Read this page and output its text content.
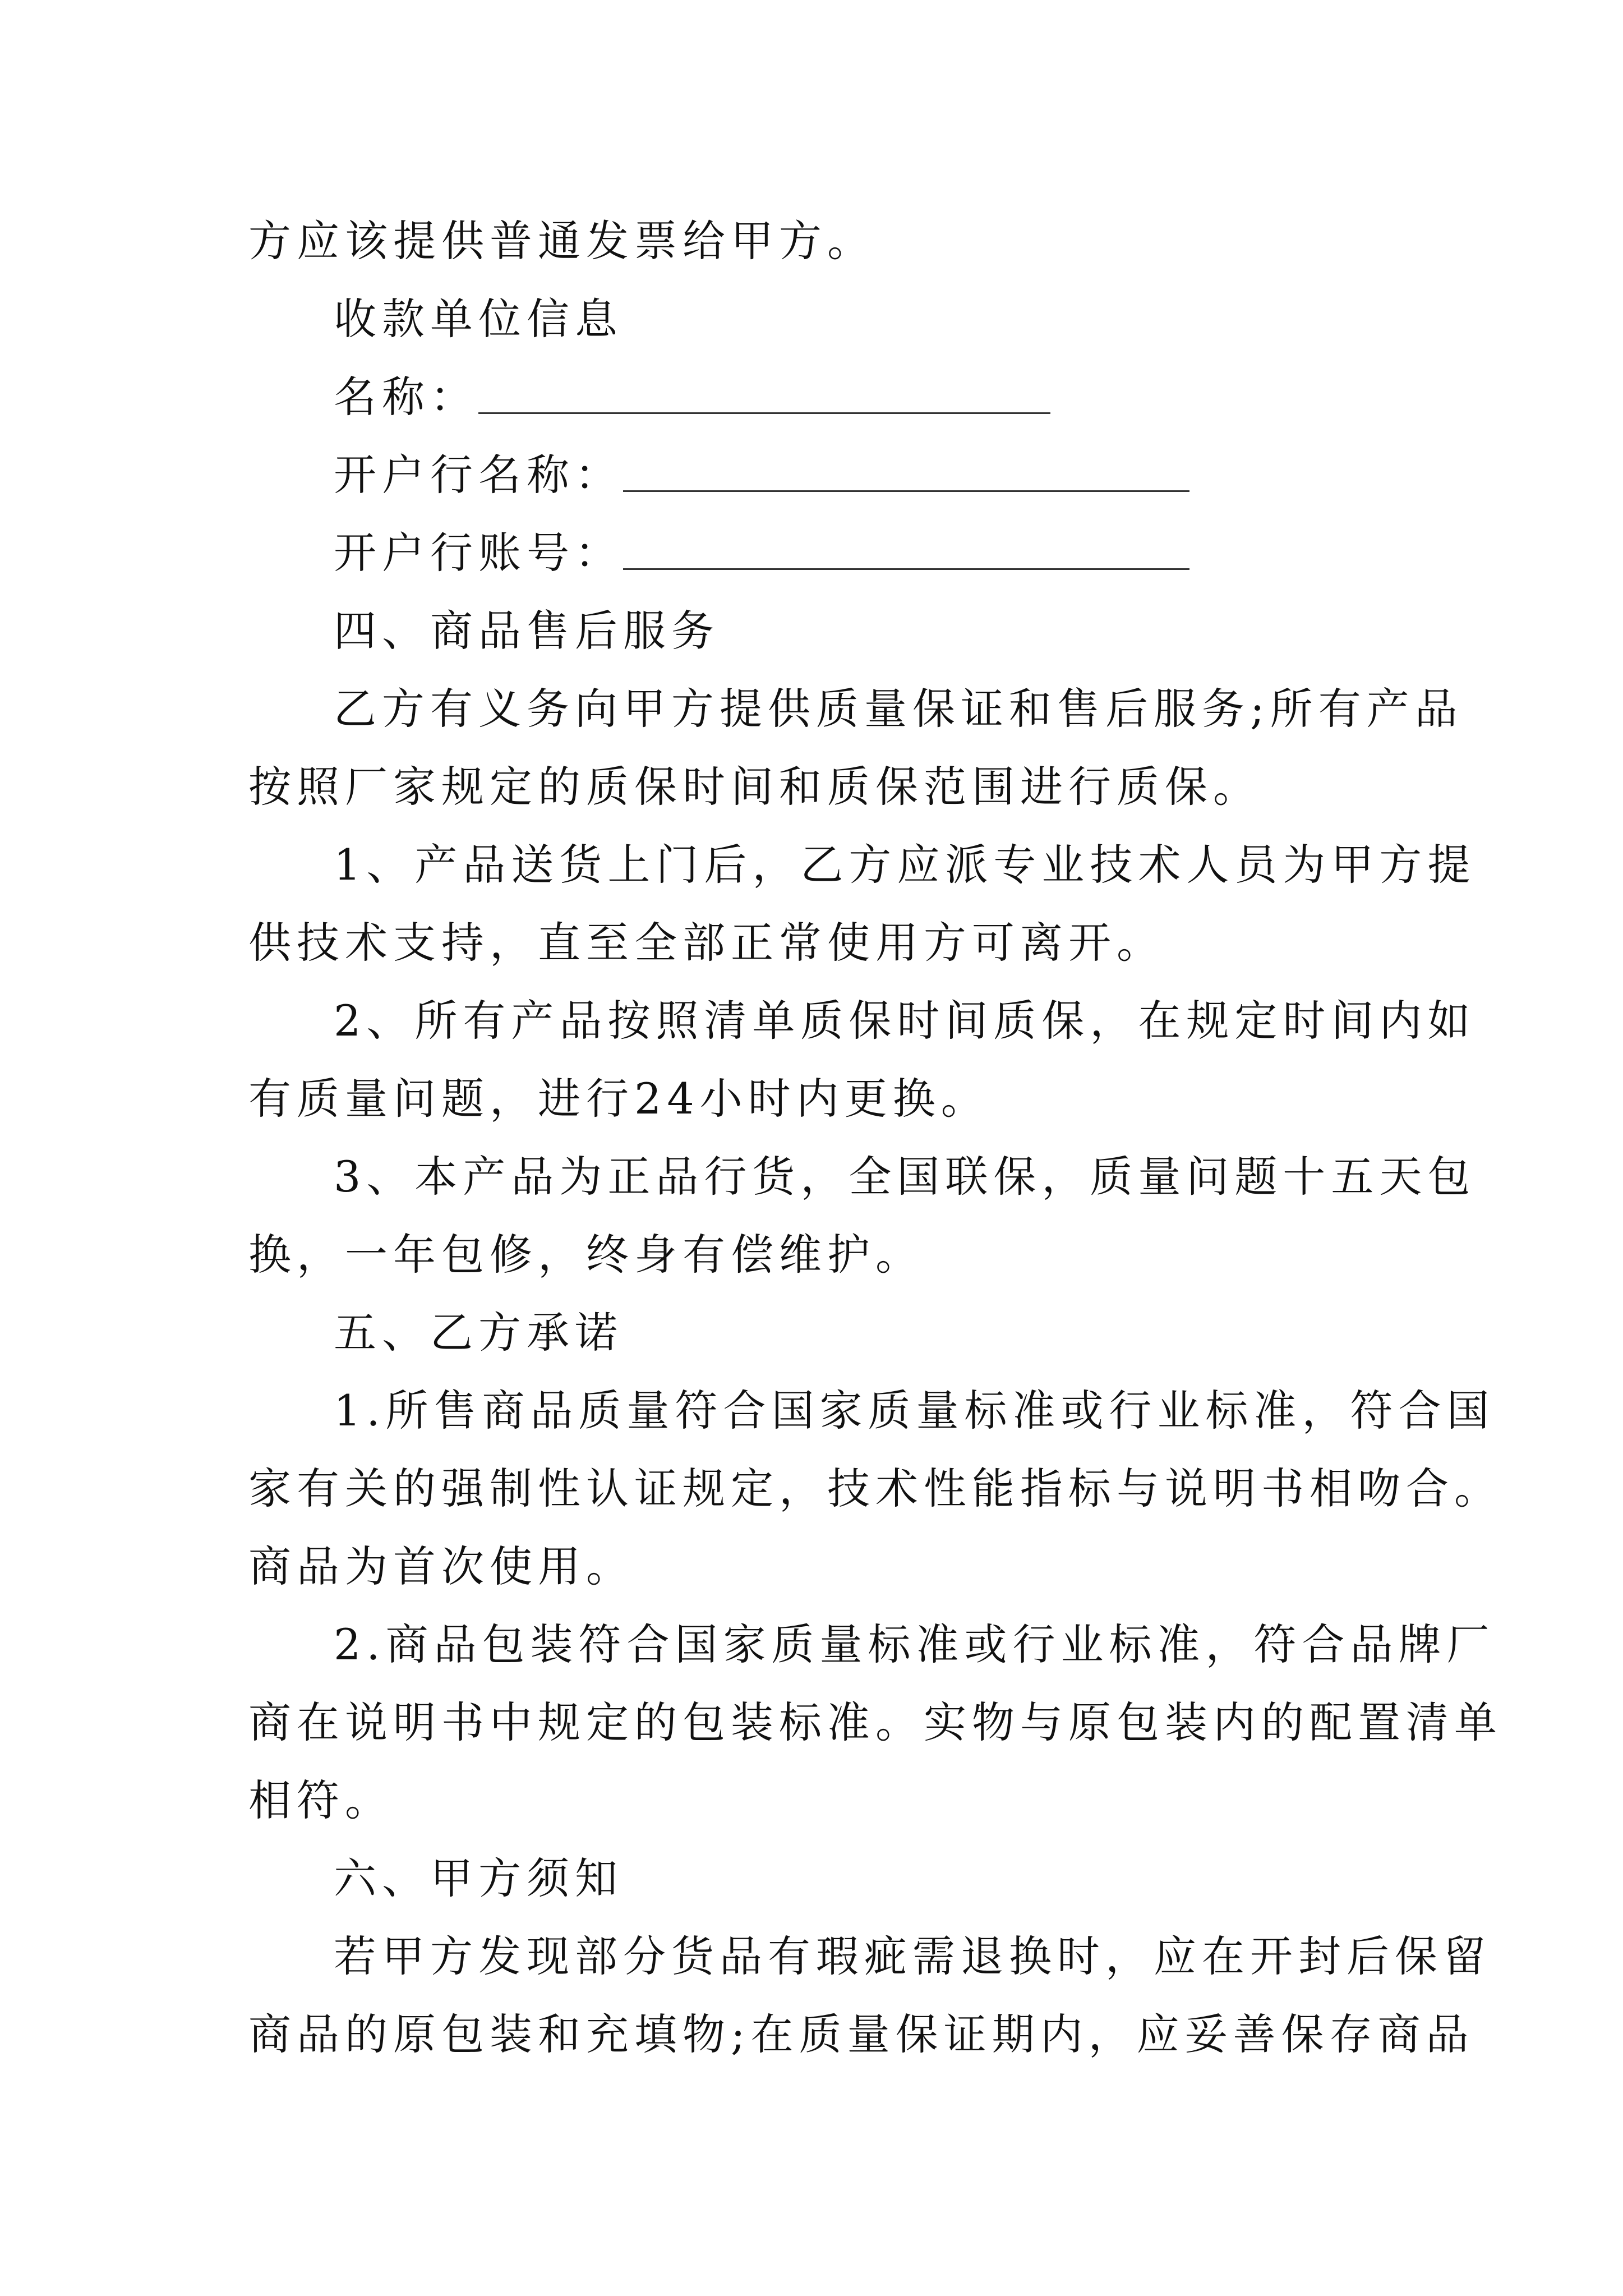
方应该提供普通发票给甲方。
收款单位信息
名称：
开户行名称：
开户行账号：
四、商品售后服务
乙方有义务向甲方提供质量保证和售后服务;所有产品
按照厂家规定的质保时间和质保范围进行质保。
1、产品送货上门后，乙方应派专业技术人员为甲方提
供技术支持，直至全部正常使用方可离开。
2、所有产品按照清单质保时间质保，在规定时间内如
有质量问题，进行24小时内更换。
3、本产品为正品行货，全国联保，质量问题十五天包
换，一年包修，终身有偿维护。
五、乙方承诺
1.所售商品质量符合国家质量标准或行业标准，符合国
家有关的强制性认证规定，技术性能指标与说明书相吻合。
商品为首次使用。
2.商品包装符合国家质量标准或行业标准，符合品牌厂
商在说明书中规定的包装标准。实物与原包装内的配置清单
相符。
六、甲方须知
若甲方发现部分货品有瑕疵需退换时，应在开封后保留
商品的原包装和充填物;在质量保证期内，应妥善保存商品
